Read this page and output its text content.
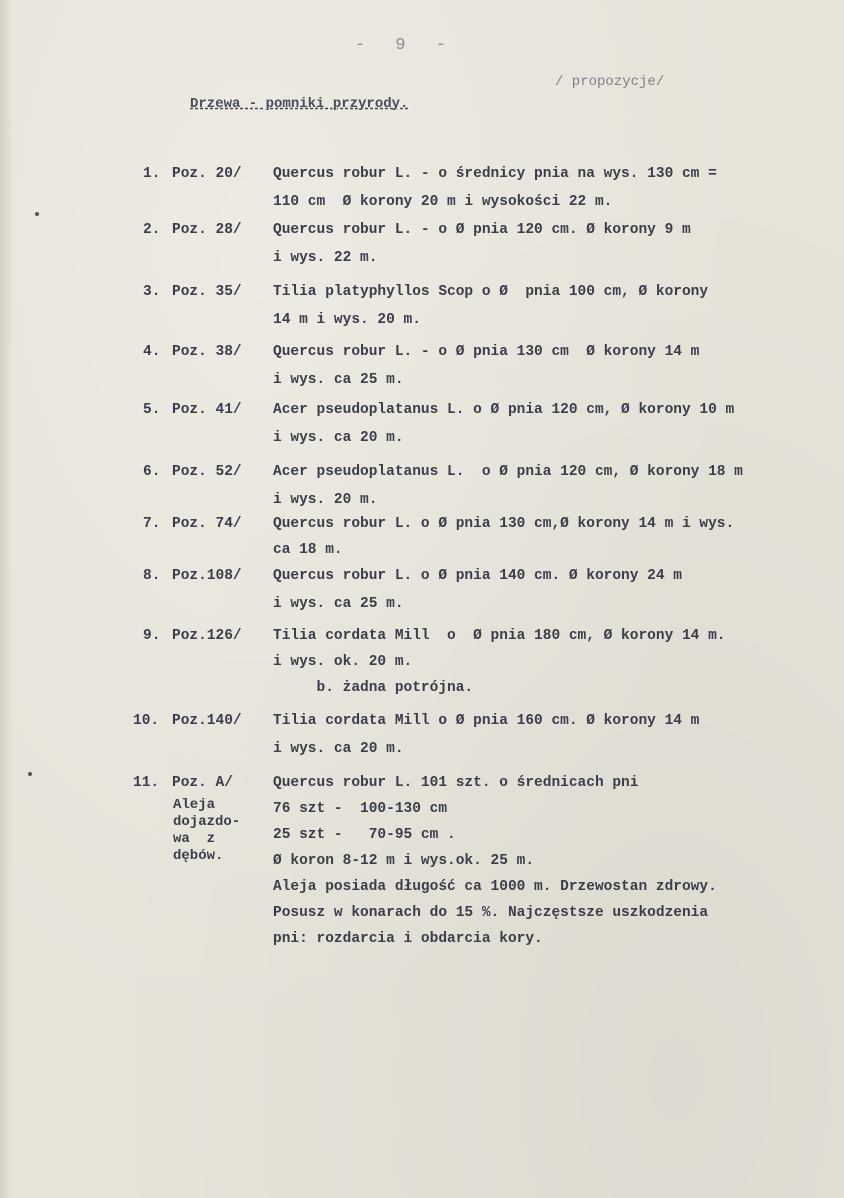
- 9 -
/ propozycje/
Drzewa - pomniki przyrody.
1. Poz. 20/ Quercus robur L. - o średnicy pnia na wys. 130 cm =
110 cm  Ø korony 20 m i wysokości 22 m.
2. Poz. 28/ Quercus robur L. - o Ø pnia 120 cm. Ø korony 9 m
i wys. 22 m.
3. Poz. 35/ Tilia platyphyllos Scop o Ø  pnia 100 cm, Ø korony
14 m i wys. 20 m.
4. Poz. 38/ Quercus robur L. - o Ø pnia 130 cm  Ø korony 14 m
i wys. ca 25 m.
5. Poz. 41/ Acer pseudoplatanus L. o Ø pnia 120 cm, Ø korony 10 m
i wys. ca 20 m.
6. Poz. 52/ Acer pseudoplatanus L.  o Ø pnia 120 cm, Ø korony 18 m
i wys. 20 m.
7. Poz. 74/ Quercus robur L. o Ø pnia 130 cm,Ø korony 14 m i wys.
ca 18 m.
8. Poz.108/ Quercus robur L. o Ø pnia 140 cm. Ø korony 24 m
i wys. ca 25 m.
9. Poz.126/ Tilia cordata Mill  o  Ø pnia 180 cm, Ø korony 14 m.
i wys. ok. 20 m.
b. żadna potrójna.
10. Poz.140/ Tilia cordata Mill o Ø pnia 160 cm. Ø korony 14 m
i wys. ca 20 m.
11. Poz. A/	Quercus robur L. 101 szt. o średnicach pni
76 szt -  100-130 cm
25 szt -   70-95 cm .
Ø koron 8-12 m i wys.ok. 25 m.
Aleja posiada długość ca 1000 m. Drzewostan zdrowy.
Posusz w konarach do 15 %. Najczęstsze uszkodzenia
pni: rozdarcia i obdarcia kory.
Aleja
dojazdo-
wa  z
dębów.
